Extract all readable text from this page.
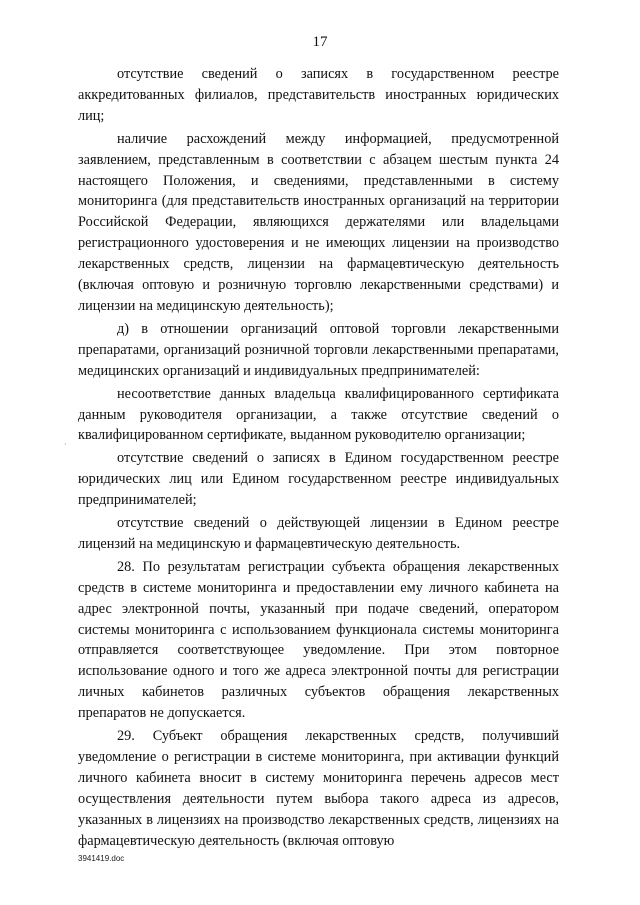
17
·

отсутствие сведений о записях в государственном реестре аккредитованных филиалов, представительств иностранных юридических лиц;

наличие расхождений между информацией, предусмотренной заявлением, представленным в соответствии с абзацем шестым пункта 24 настоящего Положения, и сведениями, представленными в систему мониторинга (для представительств иностранных организаций на территории Российской Федерации, являющихся держателями или владельцами регистрационного удостоверения и не имеющих лицензии на производство лекарственных средств, лицензии на фармацевтическую деятельность (включая оптовую и розничную торговлю лекарственными средствами) и лицензии на медицинскую деятельность);

д) в отношении организаций оптовой торговли лекарственными препаратами, организаций розничной торговли лекарственными препаратами, медицинских организаций и индивидуальных предпринимателей:

несоответствие данных владельца квалифицированного сертификата данным руководителя организации, а также отсутствие сведений о квалифицированном сертификате, выданном руководителю организации;

отсутствие сведений о записях в Едином государственном реестре юридических лиц или Едином государственном реестре индивидуальных предпринимателей;

отсутствие сведений о действующей лицензии в Едином реестре лицензий на медицинскую и фармацевтическую деятельность.

28. По результатам регистрации субъекта обращения лекарственных средств в системе мониторинга и предоставлении ему личного кабинета на адрес электронной почты, указанный при подаче сведений, оператором системы мониторинга с использованием функционала системы мониторинга отправляется соответствующее уведомление. При этом повторное использование одного и того же адреса электронной почты для регистрации личных кабинетов различных субъектов обращения лекарственных препаратов не допускается.

29. Субъект обращения лекарственных средств, получивший уведомление о регистрации в системе мониторинга, при активации функций личного кабинета вносит в систему мониторинга перечень адресов мест осуществления деятельности путем выбора такого адреса из адресов, указанных в лицензиях на производство лекарственных средств, лицензиях на фармацевтическую деятельность (включая оптовую

3941419.doc
